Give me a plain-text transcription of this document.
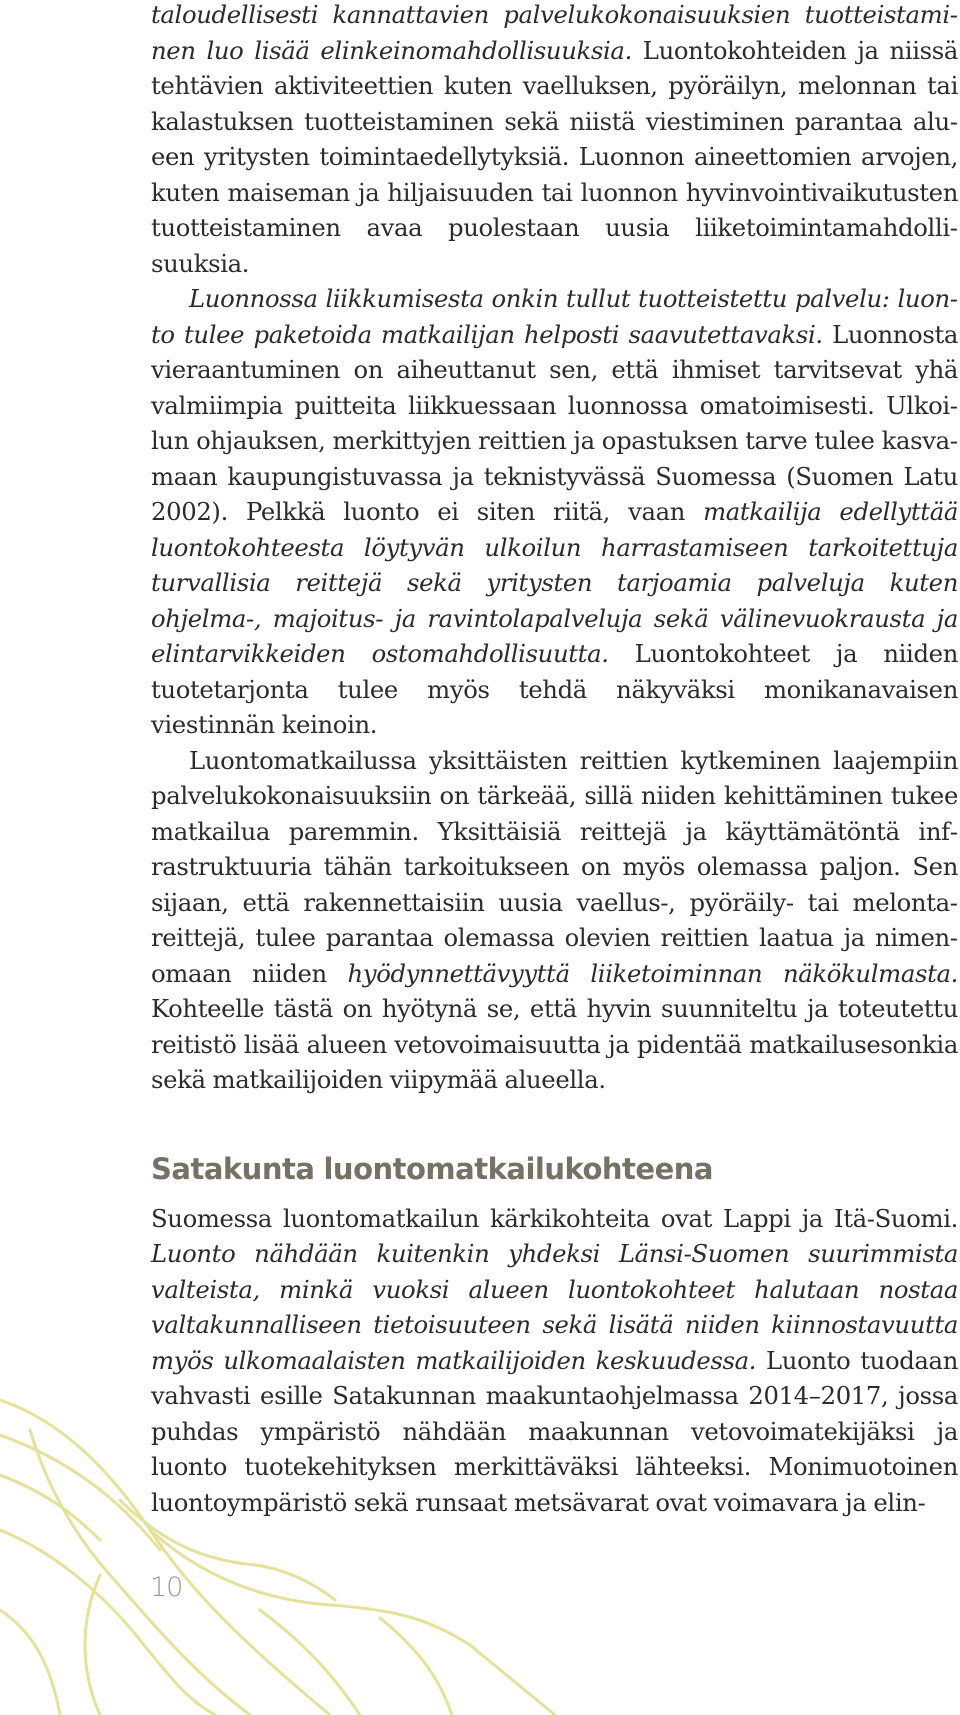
taloudellisesti kannattavien palvelukokonaisuuksien tuotteistaminen luo lisää elinkeinomahdollisuuksia. Luontokohteiden ja niissä tehtävien aktiviteettien kuten vaelluksen, pyöräilyn, melonnan tai kalastuksen tuotteistaminen sekä niistä viestiminen parantaa alueen yritysten toimintaedellytyksiä. Luonnon aineettomien arvojen, kuten maiseman ja hiljaisuuden tai luonnon hyvinvointivaikutusten tuotteistaminen avaa puolestaan uusia liiketoimintamahdollisuuksia.

Luonnossa liikkumisesta onkin tullut tuotteistettu palvelu: luonto tulee paketoida matkailijan helposti saavutettavaksi. Luonnosta vieraantuminen on aiheuttanut sen, että ihmiset tarvitsevat yhä valmiimpia puitteita liikkuessaan luonnossa omatoimisesti. Ulkoilun ohjauksen, merkittyjen reittien ja opastuksen tarve tulee kasvamaan kaupungistuvassa ja teknistyvässä Suomessa (Suomen Latu 2002). Pelkkä luonto ei siten riitä, vaan matkailija edellyttää luontokohteesta löytyvän ulkoilun harrastamiseen tarkoitettuja turvallisia reittejä sekä yritysten tarjoamia palveluja kuten ohjelma-, majoitus- ja ravintolapalveluja sekä välinevuokrausta ja elintarvikkeiden ostomahdollisuutta. Luontokohteet ja niiden tuotetarjonta tulee myös tehdä näkyväksi monikanavaisen viestinnän keinoin.

Luontomatkailussa yksittäisten reittien kytkeminen laajempiin palvelukokonaisuuksiin on tärkeää, sillä niiden kehittäminen tukee matkailua paremmin. Yksittäisiä reittejä ja käyttämätöntä infrastruktuuria tähän tarkoitukseen on myös olemassa paljon. Sen sijaan, että rakennettaisiin uusia vaellus-, pyöräily- tai melontareittejä, tulee parantaa olemassa olevien reittien laatua ja nimenomaan niiden hyödynnettävyyttä liiketoiminnan näkökulmasta. Kohteelle tästä on hyötynä se, että hyvin suunniteltu ja toteutettu reitistö lisää alueen vetovoimaisuutta ja pidentää matkailusesonkia sekä matkailijoiden viipymää alueella.

Satakunta luontomatkailukohteena

Suomessa luontomatkailun kärkikohteita ovat Lappi ja Itä-Suomi. Luonto nähdään kuitenkin yhdeksi Länsi-Suomen suurimmista valteista, minkä vuoksi alueen luontokohteet halutaan nostaa valtakunnalliseen tietoisuuteen sekä lisätä niiden kiinnostavuutta myös ulkomaalaisten matkailijoiden keskuudessa. Luonto tuodaan vahvasti esille Satakunnan maakuntaohjelmassa 2014–2017, jossa puhdas ympäristö nähdään maakunnan vetovoimatekijäksi ja luonto tuotekehityksen merkittäväksi lähteeksi. Monimuotoinen luontoympäristö sekä runsaat metsävarat ovat voimavara ja elin-

10
